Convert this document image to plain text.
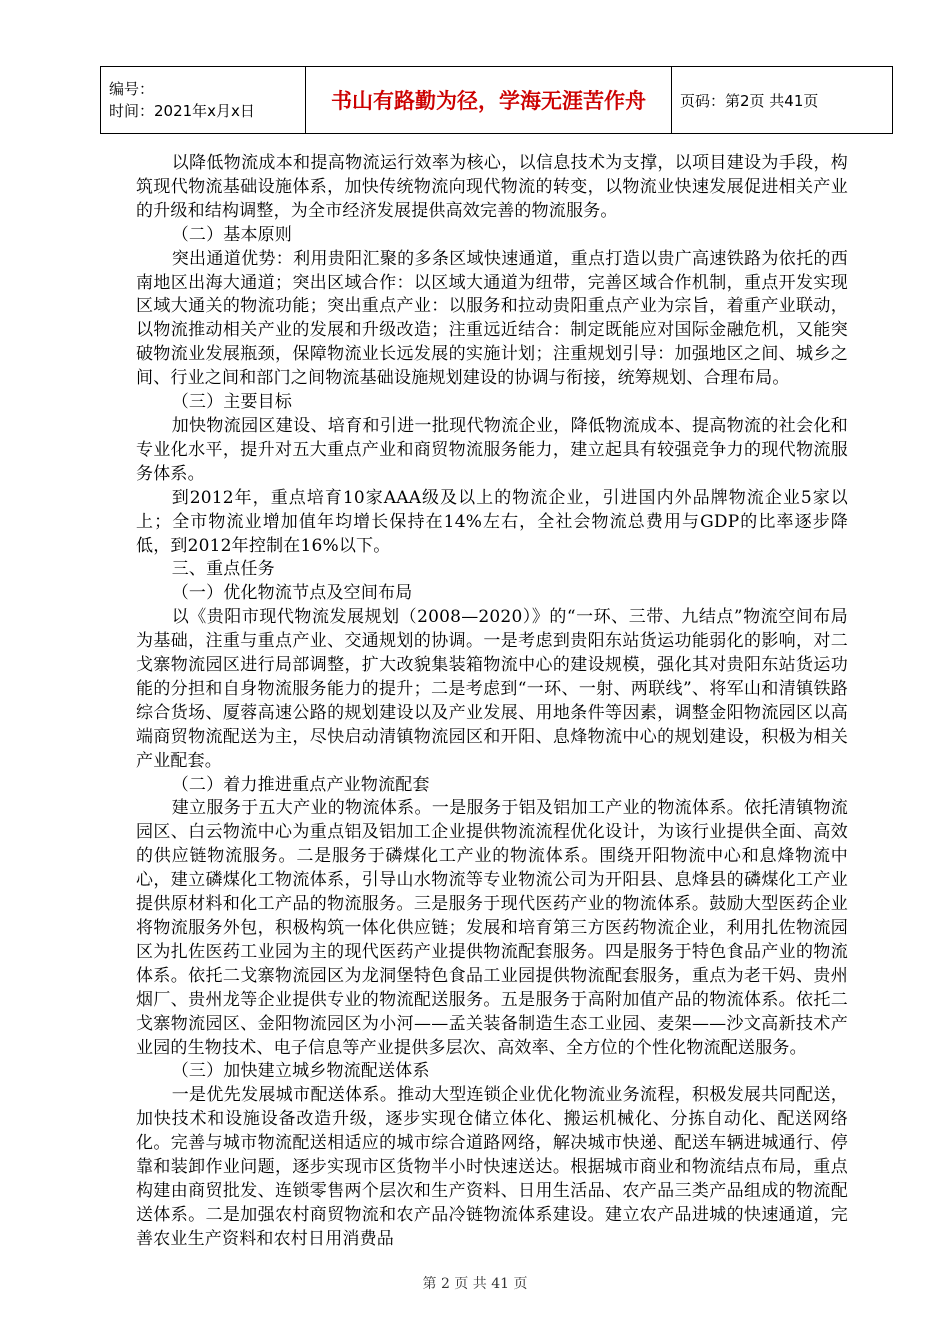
编号：
时间：2021年x月x日	书山有路勤为径，学海无涯苦作舟	页码：第2页 共41页

以降低物流成本和提高物流运行效率为核心，以信息技术为支撑，以项目建设为手段，构筑现代物流基础设施体系，加快传统物流向现代物流的转变，以物流业快速发展促进相关产业的升级和结构调整，为全市经济发展提供高效完善的物流服务。

（二）基本原则

突出通道优势：利用贵阳汇聚的多条区域快速通道，重点打造以贵广高速铁路为依托的西南地区出海大通道；突出区域合作：以区域大通道为纽带，完善区域合作机制，重点开发实现区域大通关的物流功能；突出重点产业：以服务和拉动贵阳重点产业为宗旨，着重产业联动，以物流推动相关产业的发展和升级改造；注重远近结合：制定既能应对国际金融危机，又能突破物流业发展瓶颈，保障物流业长远发展的实施计划；注重规划引导：加强地区之间、城乡之间、行业之间和部门之间物流基础设施规划建设的协调与衔接，统筹规划、合理布局。

（三）主要目标

加快物流园区建设、培育和引进一批现代物流企业，降低物流成本、提高物流的社会化和专业化水平，提升对五大重点产业和商贸物流服务能力，建立起具有较强竞争力的现代物流服务体系。

到2012年，重点培育10家AAA级及以上的物流企业，引进国内外品牌物流企业5家以上；全市物流业增加值年均增长保持在14%左右，全社会物流总费用与GDP的比率逐步降低，到2012年控制在16%以下。

三、重点任务

（一）优化物流节点及空间布局

以《贵阳市现代物流发展规划（2008—2020）》的“一环、三带、九结点”物流空间布局为基础，注重与重点产业、交通规划的协调。一是考虑到贵阳东站货运功能弱化的影响，对二戈寨物流园区进行局部调整，扩大改貌集装箱物流中心的建设规模，强化其对贵阳东站货运功能的分担和自身物流服务能力的提升；二是考虑到“一环、一射、两联线”、将军山和清镇铁路综合货场、厦蓉高速公路的规划建设以及产业发展、用地条件等因素，调整金阳物流园区以高端商贸物流配送为主，尽快启动清镇物流园区和开阳、息烽物流中心的规划建设，积极为相关产业配套。

（二）着力推进重点产业物流配套

建立服务于五大产业的物流体系。一是服务于铝及铝加工产业的物流体系。依托清镇物流园区、白云物流中心为重点铝及铝加工企业提供物流流程优化设计，为该行业提供全面、高效的供应链物流服务。二是服务于磷煤化工产业的物流体系。围绕开阳物流中心和息烽物流中心，建立磷煤化工物流体系，引导山水物流等专业物流公司为开阳县、息烽县的磷煤化工产业提供原材料和化工产品的物流服务。三是服务于现代医药产业的物流体系。鼓励大型医药企业将物流服务外包，积极构筑一体化供应链；发展和培育第三方医药物流企业，利用扎佐物流园区为扎佐医药工业园为主的现代医药产业提供物流配套服务。四是服务于特色食品产业的物流体系。依托二戈寨物流园区为龙洞堡特色食品工业园提供物流配套服务，重点为老干妈、贵州烟厂、贵州龙等企业提供专业的物流配送服务。五是服务于高附加值产品的物流体系。依托二戈寨物流园区、金阳物流园区为小河——孟关装备制造生态工业园、麦架——沙文高新技术产业园的生物技术、电子信息等产业提供多层次、高效率、全方位的个性化物流配送服务。

（三）加快建立城乡物流配送体系

一是优先发展城市配送体系。推动大型连锁企业优化物流业务流程，积极发展共同配送，加快技术和设施设备改造升级，逐步实现仓储立体化、搬运机械化、分拣自动化、配送网络化。完善与城市物流配送相适应的城市综合道路网络，解决城市快递、配送车辆进城通行、停靠和装卸作业问题，逐步实现市区货物半小时快速送达。根据城市商业和物流结点布局，重点构建由商贸批发、连锁零售两个层次和生产资料、日用生活品、农产品三类产品组成的物流配送体系。二是加强农村商贸物流和农产品冷链物流体系建设。建立农产品进城的快速通道，完善农业生产资料和农村日用消费品

第 2 页 共 41 页
